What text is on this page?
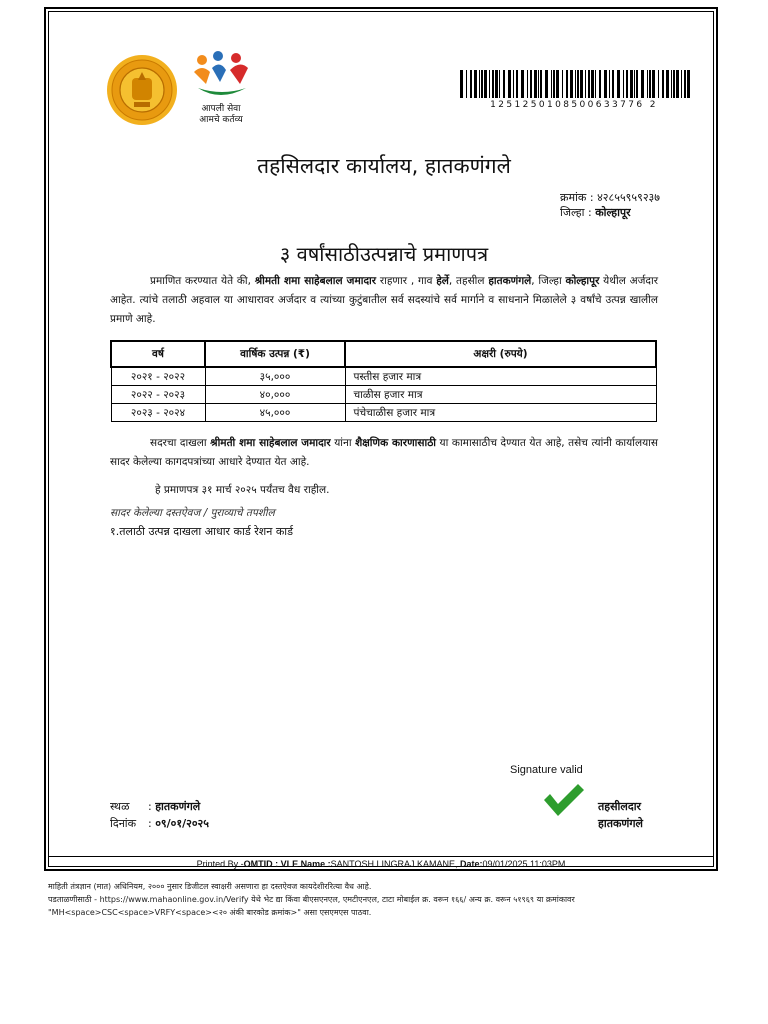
आपली सेवा
आमचे कर्तव्य
1251250108500633776 2
तहसिलदार कार्यालय, हातकणंगले
क्रमांक : ४२८५५९५९२३७
जिल्हा : कोल्हापूर
३ वर्षांसाठीउत्पन्नाचे प्रमाणपत्र
प्रमाणित करण्यात येते की, श्रीमती शमा साहेबलाल जमादार राहणार , गाव हेर्ले, तहसील हातकणंगले, जिल्हा कोल्हापूर येथील अर्जदार आहेत. त्यांचे तलाठी अहवाल या आधारावर अर्जदार व त्यांच्या कुटुंबातील सर्व सदस्यांचे सर्व मार्गाने व साधनाने मिळालेले ३ वर्षांचे उत्पन्न खालील प्रमाणे आहे.
वर्ष	वार्षिक उत्पन्न (₹)	अक्षरी (रुपये)
२०२१ - २०२२	३५,०००	पस्तीस हजार मात्र
२०२२ - २०२३	४०,०००	चाळीस हजार मात्र
२०२३ - २०२४	४५,०००	पंचेचाळीस हजार मात्र
सदरचा दाखला श्रीमती शमा साहेबलाल जमादार यांना शैक्षणिक कारणासाठी या कामासाठीच देण्यात येत आहे, तसेच त्यांनी कार्यालयास सादर केलेल्या कागदपत्रांच्या आधारे देण्यात येत आहे.
हे प्रमाणपत्र ३१ मार्च २०२५ पर्यंतच वैध राहील.
सादर केलेल्या दस्तऐवज / पुराव्याचे तपशील
१.तलाठी उत्पन्न दाखला आधार कार्ड रेशन कार्ड
Signature valid
स्थळ : हातकणंगले
दिनांक : ०९/०१/२०२५
तहसीलदार
हातकणंगले
Printed By -OMTID : VLE Name :SANTOSH LINGRAJ KAMANE, Date:09/01/2025 11:03PM
माहिती तंत्रज्ञान (मात) अधिनियम, २००० नुसार डिजीटल स्वाक्षरी असणारा हा दस्तऐवज कायदेशीररित्या वैध आहे.
पडताळणीसाठी - https://www.mahaonline.gov.in/Verify येथे भेट द्या किंवा बीएसएनएल, एमटीएनएल, टाटा मोबाईल क्र. वरून १६६/ अन्य क्र. वरून ५१९६९ या क्रमांकावर
"MH<space>CSC<space>VRFY<space><२० अंकी बारकोड क्रमांक>" असा एसएमएस पाठवा.
